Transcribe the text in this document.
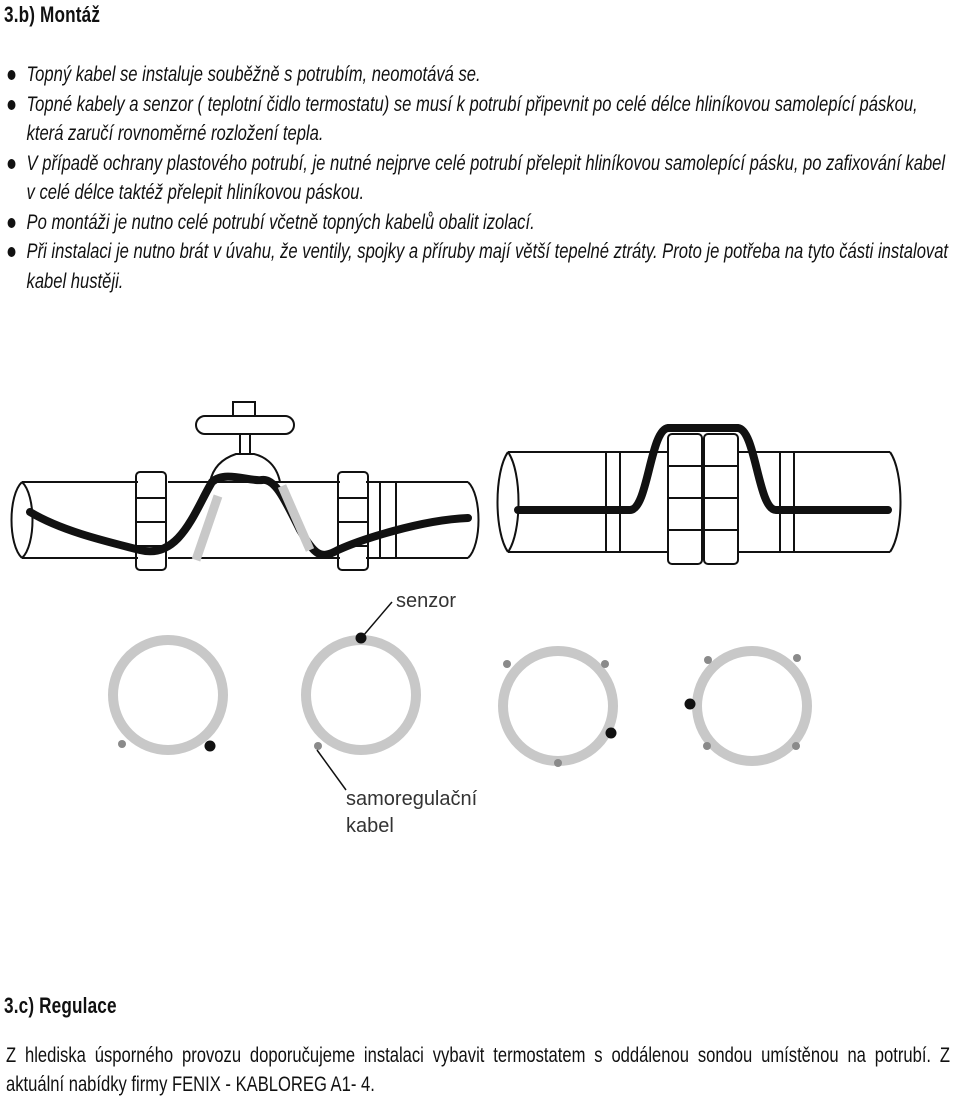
3.b) Montáž
Topný kabel se instaluje souběžně s potrubím, neomotává se.
Topné kabely a senzor ( teplotní čidlo termostatu) se musí k potrubí připevnit po celé délce hliníkovou samolepící páskou, která zaručí rovnoměrné rozložení tepla.
V případě ochrany plastového potrubí, je nutné nejprve celé potrubí přelepit hliníkovou samolepící pásku, po zafixování kabel v celé délce taktéž přelepit hliníkovou páskou.
Po montáži je nutno celé potrubí včetně topných kabelů obalit izolací.
Při instalaci je nutno brát v úvahu, že ventily, spojky a příruby mají větší tepelné ztráty. Proto je potřeba na tyto části instalovat kabel hustěji.
senzor
samoregulační
kabel
3.c) Regulace
Z hlediska úsporného provozu doporučujeme instalaci vybavit termostatem s oddálenou sondou umístěnou na potrubí. Z aktuální nabídky firmy FENIX - KABLOREG A1- 4.
